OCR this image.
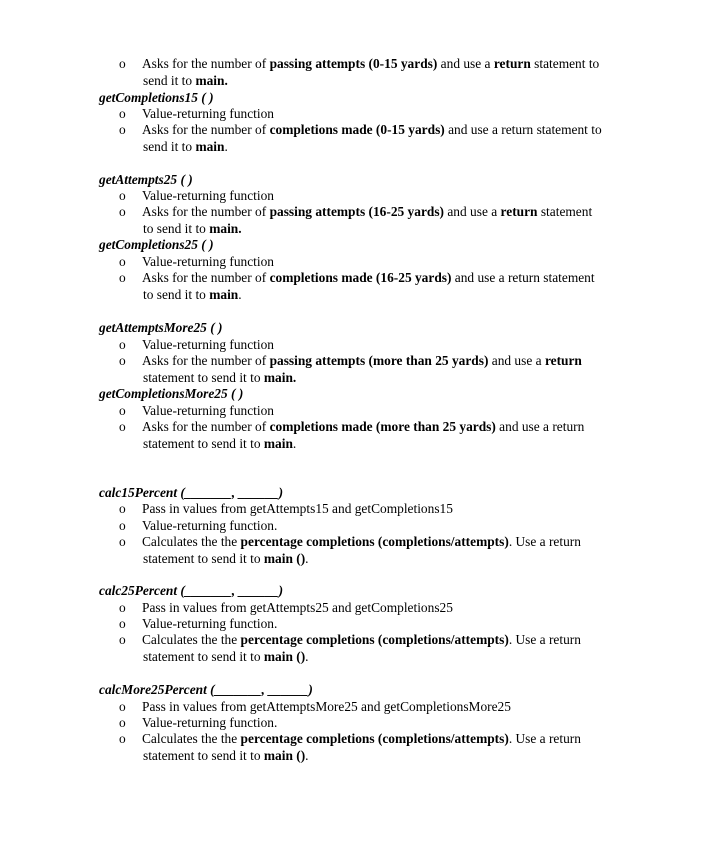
o	Asks for the number of passing attempts (0-15 yards) and use a return statement to
send it to main.
getCompletions15 ( )
o	Value-returning function
o	Asks for the number of completions made (0-15 yards) and use a return statement to
send it to main.
getAttempts25 ( )
o	Value-returning function
o	Asks for the number of passing attempts (16-25 yards) and use a return statement
to send it to main.
getCompletions25 ( )
o	Value-returning function
o	Asks for the number of completions made (16-25 yards) and use a return statement
to send it to main.
getAttemptsMore25 ( )
o	Value-returning function
o	Asks for the number of passing attempts (more than 25 yards) and use a return
statement to send it to main.
getCompletionsMore25 ( )
o	Value-returning function
o	Asks for the number of completions made (more than 25 yards) and use a return
statement to send it to main.
calc15Percent (_______, ______)
o	Pass in values from getAttempts15 and getCompletions15
o	Value-returning function.
o	Calculates the the percentage completions (completions/attempts). Use a return
statement to send it to main ().
calc25Percent (_______, ______)
o	Pass in values from getAttempts25 and getCompletions25
o	Value-returning function.
o	Calculates the the percentage completions (completions/attempts). Use a return
statement to send it to main ().
calcMore25Percent (_______, ______)
o	Pass in values from getAttemptsMore25 and getCompletionsMore25
o	Value-returning function.
o	Calculates the the percentage completions (completions/attempts). Use a return
statement to send it to main ().
